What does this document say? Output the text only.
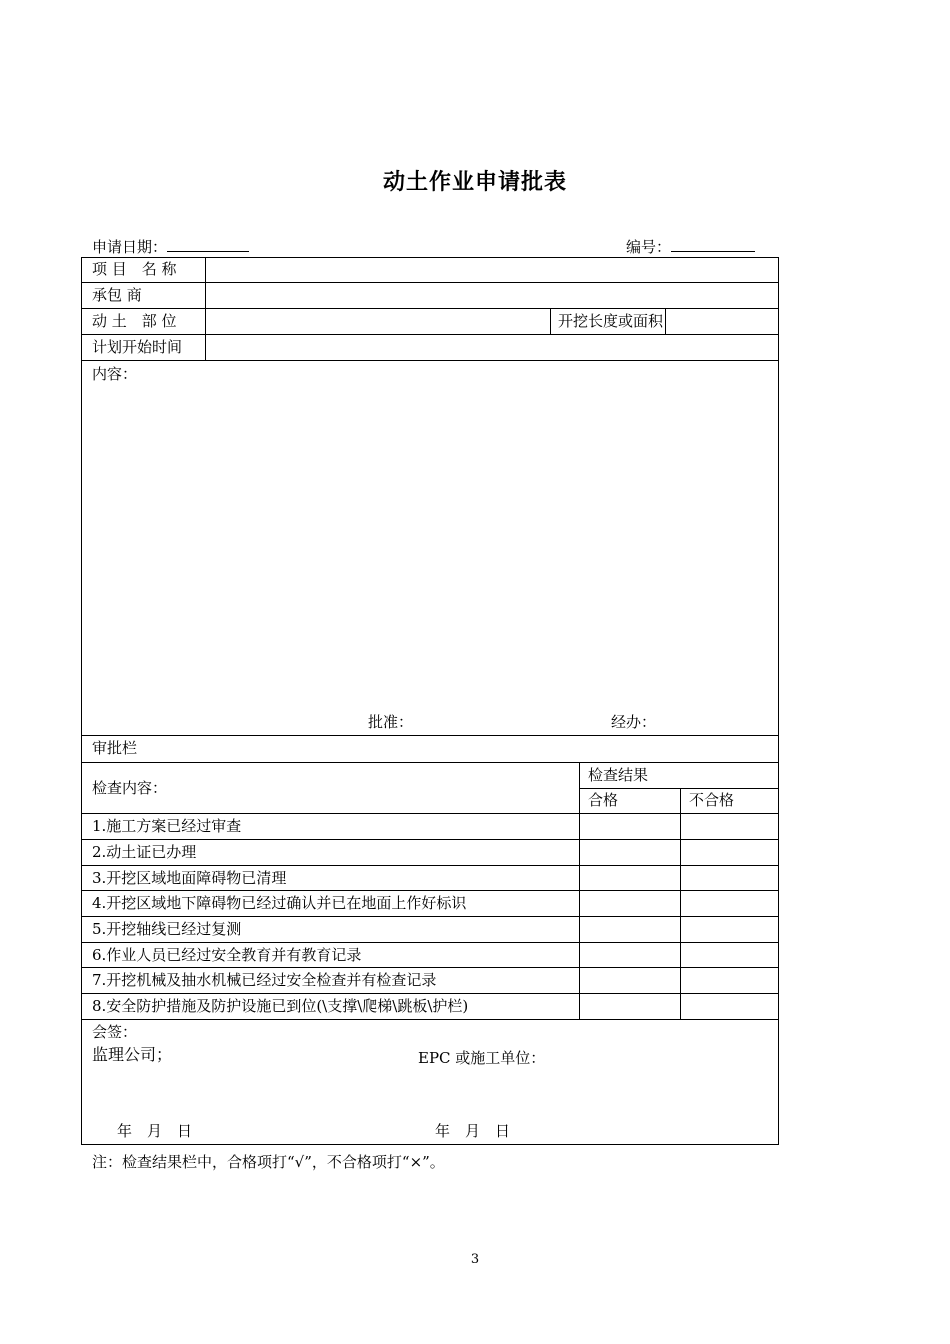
动土作业申请批表
申请日期：	编号：
项 目　名 称
承包 商
动 土　部 位	开挖长度或面积
计划开始时间
内容：
批准：	经办：
审批栏
检查内容：
检查结果
合格	不合格
1.施工方案已经过审查
2.动土证已办理
3.开挖区域地面障碍物已清理
4.开挖区域地下障碍物已经过确认并已在地面上作好标识
5.开挖轴线已经过复测
6.作业人员已经过安全教育并有教育记录
7.开挖机械及抽水机械已经过安全检查并有检查记录
8.安全防护措施及防护设施已到位(\支撑\爬梯\跳板\护栏)
会签：
监理公司；	EPC 或施工单位：
年　月　日	年　月　日
注：检查结果栏中，合格项打“√”，不合格项打“×”。
3
